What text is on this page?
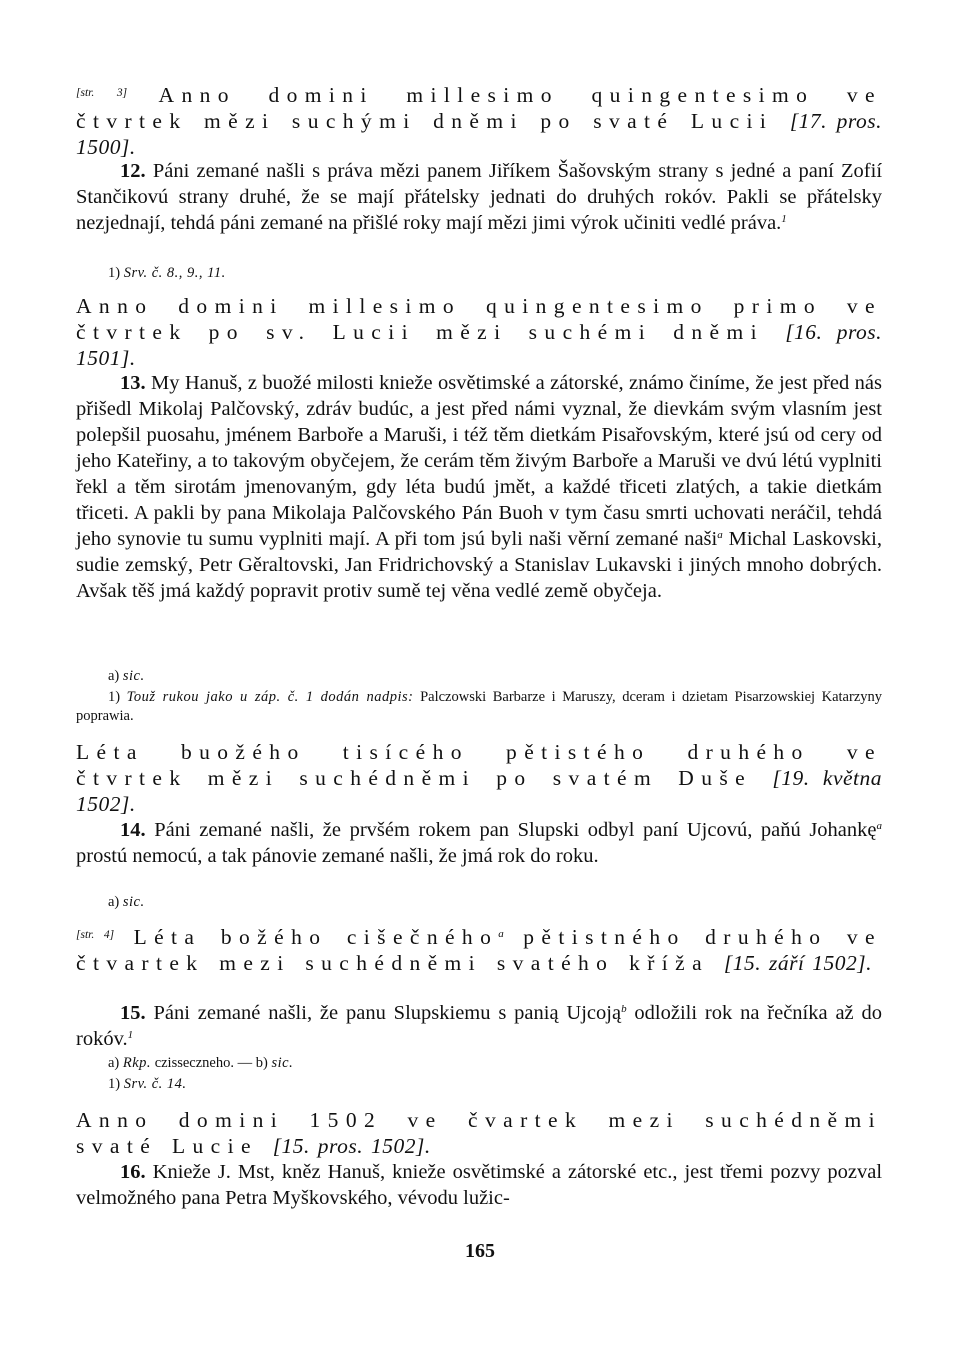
[str. 3] Anno domini millesimo quingentesimo ve čtvrtek mězi suchými dněmi po svaté Lucii [17. pros. 1500].

12. Páni zemané našli s práva mězi panem Jiříkem Šašovským strany s jedné a paní Zofií Stančikovú strany druhé, že se mají přátelsky jednati do druhých rokóv. Pakli se přátelsky nezjednají, tehdá páni zemané na přišlé roky mají mězi jimi výrok učiniti vedlé práva.$^1$

1) Srv. č. 8., 9., 11.

Anno domini millesimo quingentesimo primo ve čtvrtek po sv. Lucii mězi suchémi dněmi [16. pros. 1501].

13. My Hanuš, z buožé milosti knieže osvětimské a zátorské, známo činíme, že jest před nás přišedl Mikolaj Palčovský, zdráv budúc, a jest před námi vyznal, že dievkám svým vlasním jest polepšil puosahu, jménem Barboře a Maruši, i též těm dietkám Pisařovským, které jsú od cery od jeho Kateřiny, a to takovým obyčejem, že cerám těm živým Barboře a Maruši ve dvú létú vyplniti řekl a těm sirotám jmenovaným, gdy léta budú jmět, a každé třiceti zlatých, a takie dietkám třiceti. A pakli by pana Mikolaja Palčovského Pán Buoh v tym času smrti uchovati neráčil, tehdá jeho synovie tu sumu vyplniti mají. A při tom jsú byli naši věrní zemané naši$^a$ Michal Laskovski, sudie zemský, Petr Gěraltovski, Jan Fridrichovský a Stanislav Lukavski i jiných mnoho dobrých. Avšak těš jmá každý popravit protiv sumě tej věna vedlé země obyčeja.

a) sic.

1) Touž rukou jako u záp. č. 1 dodán nadpis: Palczowski Barbarze i Maruszy, dceram i dzietam Pisarzowskiej Katarzyny poprawia.

Léta buožého tisícého pětistého druhého ve čtvrtek mězi suchédněmi po svatém Duše [19. května 1502].

14. Páni zemané našli, že prvšém rokem pan Slupski odbyl paní Ujcovú, paňú Johankę$^a$ prostú nemocú, a tak pánovie zemané našli, že jmá rok do roku.

a) sic.

[str. 4] Léta božého cišečného$^a$ pětistného druhého ve čtvartek mezi suchédněmi svatého kříža [15. září 1502].

15. Páni zemané našli, že panu Slupskiemu s panią Ujcoją$^b$ odložili rok na řečníka až do rokóv.$^1$

a) Rkp. czisseczneho. — b) sic.

1) Srv. č. 14.

Anno domini 1502 ve čvartek mezi suchédněmi svaté Lucie [15. pros. 1502].

16. Knieže J. Mst, kněz Hanuš, knieže osvětimské a zátorské etc., jest třemi pozvy pozval velmožného pana Petra Myškovského, vévodu lužic-

165
